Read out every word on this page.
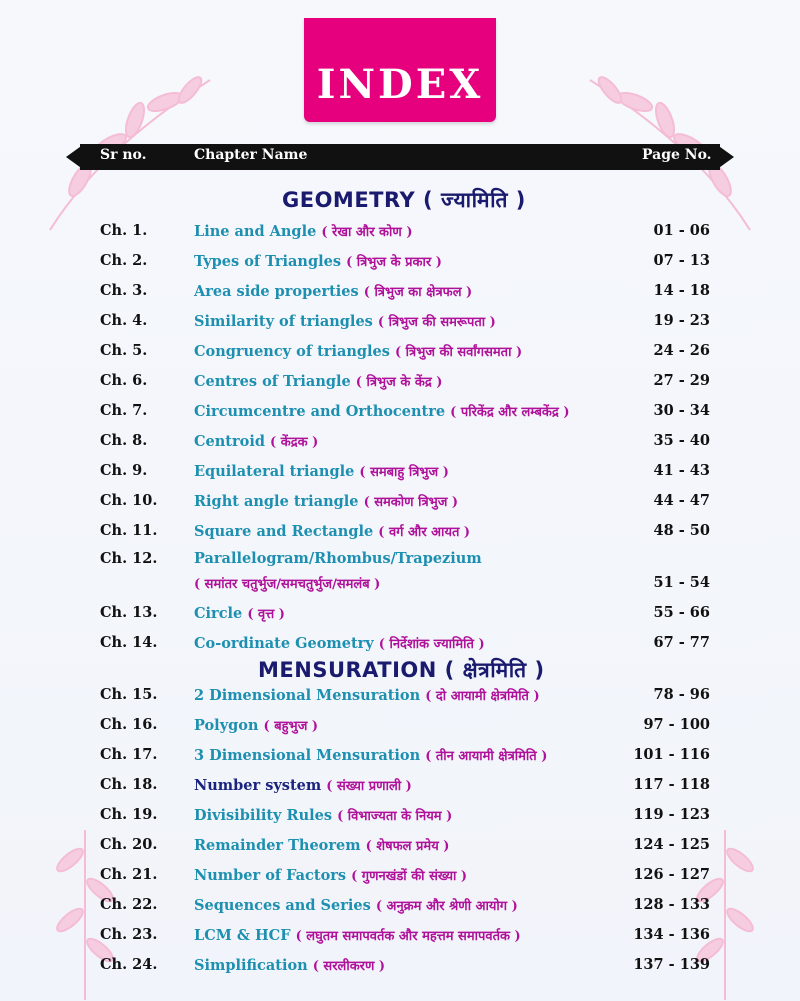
INDEX
Sr no.	Chapter Name	Page No.
GEOMETRY ( ज्यामिति )
MENSURATION ( क्षेत्रमिति )
Ch. 1.	Line and Angle ( रेखा और कोण )	01 - 06
Ch. 2.	Types of Triangles ( त्रिभुज के प्रकार )	07 - 13
Ch. 3.	Area side properties ( त्रिभुज का क्षेत्रफल )	14 - 18
Ch. 4.	Similarity of triangles ( त्रिभुज की समरूपता )	19 - 23
Ch. 5.	Congruency of triangles ( त्रिभुज की सर्वांगसमता )	24 - 26
Ch. 6.	Centres of Triangle ( त्रिभुज के केंद्र )	27 - 29
Ch. 7.	Circumcentre and Orthocentre ( परिकेंद्र और लम्बकेंद्र )	30 - 34
Ch. 8.	Centroid ( केंद्रक )	35 - 40
Ch. 9.	Equilateral triangle ( समबाहु त्रिभुज )	41 - 43
Ch. 10.	Right angle triangle ( समकोण त्रिभुज )	44 - 47
Ch. 11.	Square and Rectangle ( वर्ग और आयत )	48 - 50
Ch. 12.	Parallelogram/Rhombus/Trapezium
( समांतर चतुर्भुज/समचतुर्भुज/समलंब )	51 - 54
Ch. 13.	Circle ( वृत्त )	55 - 66
Ch. 14.	Co-ordinate Geometry ( निर्देशांक ज्यामिति )	67 - 77
Ch. 15.	2 Dimensional Mensuration ( दो आयामी क्षेत्रमिति )	78 - 96
Ch. 16.	Polygon ( बहुभुज )	97 - 100
Ch. 17.	3 Dimensional Mensuration ( तीन आयामी क्षेत्रमिति )	101 - 116
Ch. 18.	Number system ( संख्या प्रणाली )	117 - 118
Ch. 19.	Divisibility Rules ( विभाज्यता के नियम )	119 - 123
Ch. 20.	Remainder Theorem ( शेषफल प्रमेय )	124 - 125
Ch. 21.	Number of Factors ( गुणनखंडों की संख्या )	126 - 127
Ch. 22.	Sequences and Series ( अनुक्रम और श्रेणी आयोग )	128 - 133
Ch. 23.	LCM & HCF ( लघुतम समापवर्तक और महत्तम समापवर्तक )	134 - 136
Ch. 24.	Simplification ( सरलीकरण )	137 - 139
